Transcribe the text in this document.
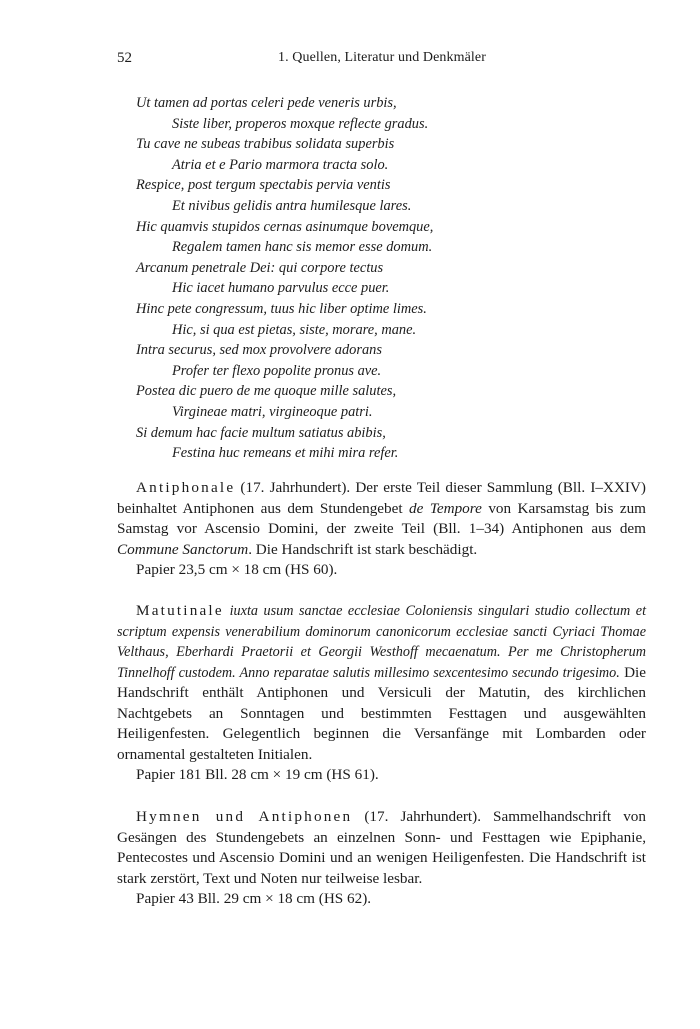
52	1. Quellen, Literatur und Denkmäler
Ut tamen ad portas celeri pede veneris urbis,
Siste liber, properos moxque reflecte gradus.
Tu cave ne subeas trabibus solidata superbis
Atria et e Pario marmora tracta solo.
Respice, post tergum spectabis pervia ventis
Et nivibus gelidis antra humilesque lares.
Hic quamvis stupidos cernas asinumque bovemque,
Regalem tamen hanc sis memor esse domum.
Arcanum penetrale Dei: qui corpore tectus
Hic iacet humano parvulus ecce puer.
Hinc pete congressum, tuus hic liber optime limes.
Hic, si qua est pietas, siste, morare, mane.
Intra securus, sed mox provolvere adorans
Profer ter flexo popolite pronus ave.
Postea dic puero de me quoque mille salutes,
Virgineae matri, virgineoque patri.
Si demum hac facie multum satiatus abibis,
Festina huc remeans et mihi mira refer.

Antiphonale (17. Jahrhundert). Der erste Teil dieser Sammlung (Bll. I–XXIV) beinhaltet Antiphonen aus dem Stundengebet de Tempore von Karsamstag bis zum Samstag vor Ascensio Domini, der zweite Teil (Bll. 1–34) Antiphonen aus dem Commune Sanctorum. Die Handschrift ist stark beschädigt.

Papier 23,5 cm × 18 cm (HS 60).

Matutinale iuxta usum sanctae ecclesiae Coloniensis singulari studio collectum et scriptum expensis venerabilium dominorum canonicorum ecclesiae sancti Cyriaci Thomae Velthaus, Eberhardi Praetorii et Georgii Westhoff mecaenatum. Per me Christopherum Tinnelhoff custodem. Anno reparatae salutis millesimo sexcentesimo secundo trigesimo. Die Handschrift enthält Antiphonen und Versiculi der Matutin, des kirchlichen Nachtgebets an Sonntagen und bestimmten Festtagen und ausgewählten Heiligenfesten. Gelegentlich beginnen die Versanfänge mit Lombarden oder ornamental gestalteten Initialen.

Papier 181 Bll. 28 cm × 19 cm (HS 61).

Hymnen und Antiphonen (17. Jahrhundert). Sammelhandschrift von Gesängen des Stundengebets an einzelnen Sonn- und Festtagen wie Epiphanie, Pentecostes und Ascensio Domini und an wenigen Heiligenfesten. Die Handschrift ist stark zerstört, Text und Noten nur teilweise lesbar.

Papier 43 Bll. 29 cm × 18 cm (HS 62).
